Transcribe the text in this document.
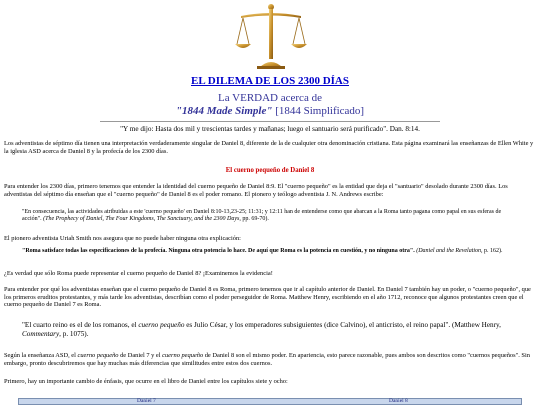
EL DILEMA DE LOS 2300 DÍAS
La VERDAD acerca de
"1844 Made Simple" [1844 Simplificado]
"Y me dijo: Hasta dos mil y trescientas tardes y mañanas; luego el santuario será purificado". Dan. 8:14.
Los adventistas de séptimo día tienen una interpretación verdaderamente singular de Daniel 8, diferente de la de cualquier otra denominación cristiana. Esta página examinará las enseñanzas de Ellen White y la iglesia ASD acerca de Daniel 8 y la profecía de los 2300 días.
El cuerno pequeño de Daniel 8
Para entender los 2300 días, primero tenemos que entender la identidad del cuerno pequeño de Daniel 8:9. El "cuerno pequeño" es la entidad que deja el "santuario" desolado durante 2300 días. Los adventistas del séptimo día enseñan que el "cuerno pequeño" de Daniel 8 es el poder romano. El pionero y teólogo adventista J. N. Andrews escribe:
"En consecuencia, las actividades atribuidas a este 'cuerno pequeño' en Daniel 8:10-13,23-25; 11:31; y 12:11 han de entenderse como que abarcan a la Roma tanto pagana como papal en sus esferas de acción". (The Prophecy of Daniel, The Four Kingdoms, The Sanctuary, and the 2300 Days, pp. 69-70).
El pionero adventista Uriah Smith nos asegura que no puede haber ninguna otra explicación:
"Roma satisface todas las especificaciones de la profecía. Ninguna otra potencia lo hace. De aquí que Roma es la potencia en cuestión, y no ninguna otra". (Daniel and the Revelation, p. 162).
¿Es verdad que sólo Roma puede representar el cuerno pequeño de Daniel 8? ¡Examinemos la evidencia!
Para entender por qué los adventistas enseñan que el cuerno pequeño de Daniel 8 es Roma, primero tenemos que ir al capítulo anterior de Daniel. En Daniel 7 también hay un poder, o "cuerno pequeño", que los primeros eruditos protestantes, y más tarde los adventistas, describían como el poder perseguidor de Roma. Matthew Henry, escribiendo en el año 1712, reconoce que algunos protestantes creen que el cuerno pequeño de Daniel 7 es Roma.
"El cuarto reino es el de los romanos, el cuerno pequeño es Julio César, y los emperadores subsiguientes (dice Calvino), el anticristo, el reino papal". (Matthew Henry, Commentary, p. 1075).
Según la enseñanza ASD, el cuerno pequeño de Daniel 7 y el cuerno pequeño de Daniel 8 son el mismo poder. En apariencia, esto parece razonable, pues ambos son descritos como "cuernos pequeños". Sin embargo, pronto descubriremos que hay muchas más diferencias que similitudes entre estos dos cuernos.
Primero, hay un importante cambio de énfasis, que ocurre en el libro de Daniel entre los capítulos siete y ocho:
Daniel 7	Daniel 8
